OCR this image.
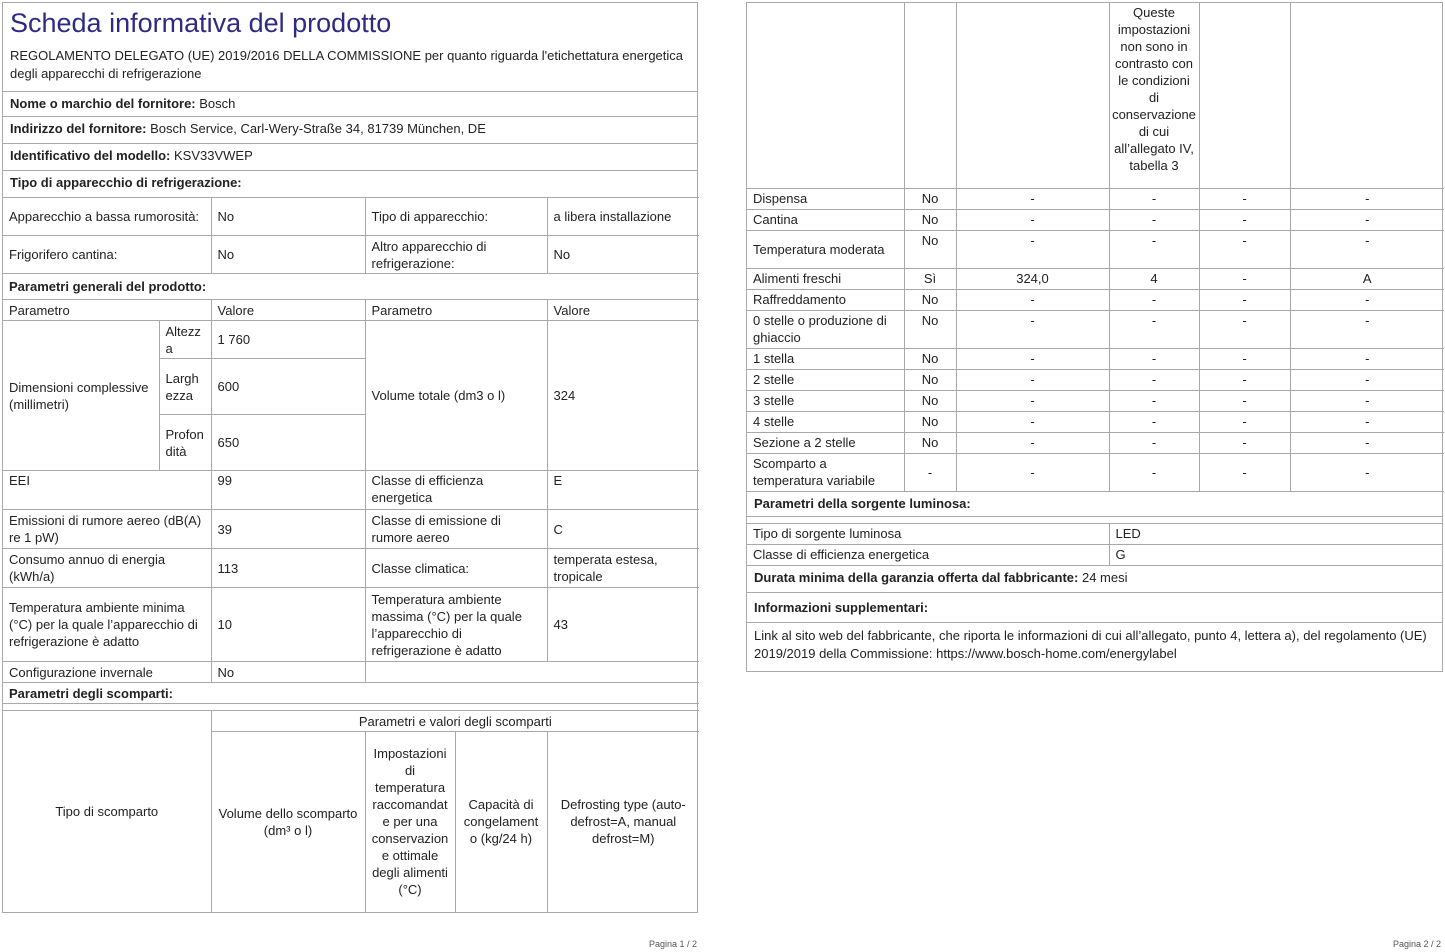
Scheda informativa del prodotto
REGOLAMENTO DELEGATO (UE) 2019/2016 DELLA COMMISSIONE per quanto riguarda l'etichettatura energetica degli apparecchi di refrigerazione
Nome o marchio del fornitore: Bosch
Indirizzo del fornitore: Bosch Service, Carl-Wery-Straße 34, 81739 München, DE
Identificativo del modello: KSV33VWEP
Tipo di apparecchio di refrigerazione:
Apparecchio a bassa rumorosità:		No	Tipo di apparecchio:	a libera installazione
Frigorifero cantina:		No	Altro apparecchio di refrigerazione:	No
Parametri generali del prodotto:				
Parametro		Valore	Parametro	Valore
Dimensioni complessive (millimetri)	Altezza	1 760	Volume totale (dm3 o l)	324
	Larghezza	600		
	Profondità	650		
EEI		99	Classe di efficienza energetica	E
Emissioni di rumore aereo (dB(A) re 1 pW)		39	Classe di emissione di rumore aereo	C
Consumo annuo di energia (kWh/a)		113	Classe climatica:	temperata estesa, tropicale
Temperatura ambiente minima (°C) per la quale l’apparecchio di refrigerazione è adatto		10	Temperatura ambiente massima (°C) per la quale l’apparecchio di refrigerazione è adatto	43
Configurazione invernale		No		
Parametri degli scomparti:				
Tipo di scomparto	Parametri e valori degli scomparti			
	Volume dello scomparto (dm³ o l)	Impostazioni di temperatura raccomandate per una conservazione ottimale degli alimenti (°C)	Capacità di congelamento (kg/24 h)	Defrosting type (auto-defrost=A, manual defrost=M)
Pagina 1 / 2
			Queste impostazioni non sono in contrasto con le condizioni di conservazione di cui all’allegato IV, tabella 3		
Dispensa	No	-	-	-	-
Cantina	No	-	-	-	-
Temperatura moderata	No	-	-	-	-
Alimenti freschi	Sì	324,0	4	-	A
Raffreddamento	No	-	-	-	-
0 stelle o produzione di ghiaccio	No	-	-	-	-
1 stella	No	-	-	-	-
2 stelle	No	-	-	-	-
3 stelle	No	-	-	-	-
4 stelle	No	-	-	-	-
Sezione a 2 stelle	No	-	-	-	-
Scomparto a temperatura variabile	-	-	-	-	-
Parametri della sorgente luminosa:
Tipo di sorgente luminosa	LED
Classe di efficienza energetica	G
Durata minima della garanzia offerta dal fabbricante: 24 mesi
Informazioni supplementari:
Link al sito web del fabbricante, che riporta le informazioni di cui all’allegato, punto 4, lettera a), del regolamento (UE) 2019/2019 della Commissione: https://www.bosch-home.com/energylabel
Pagina 2 / 2
